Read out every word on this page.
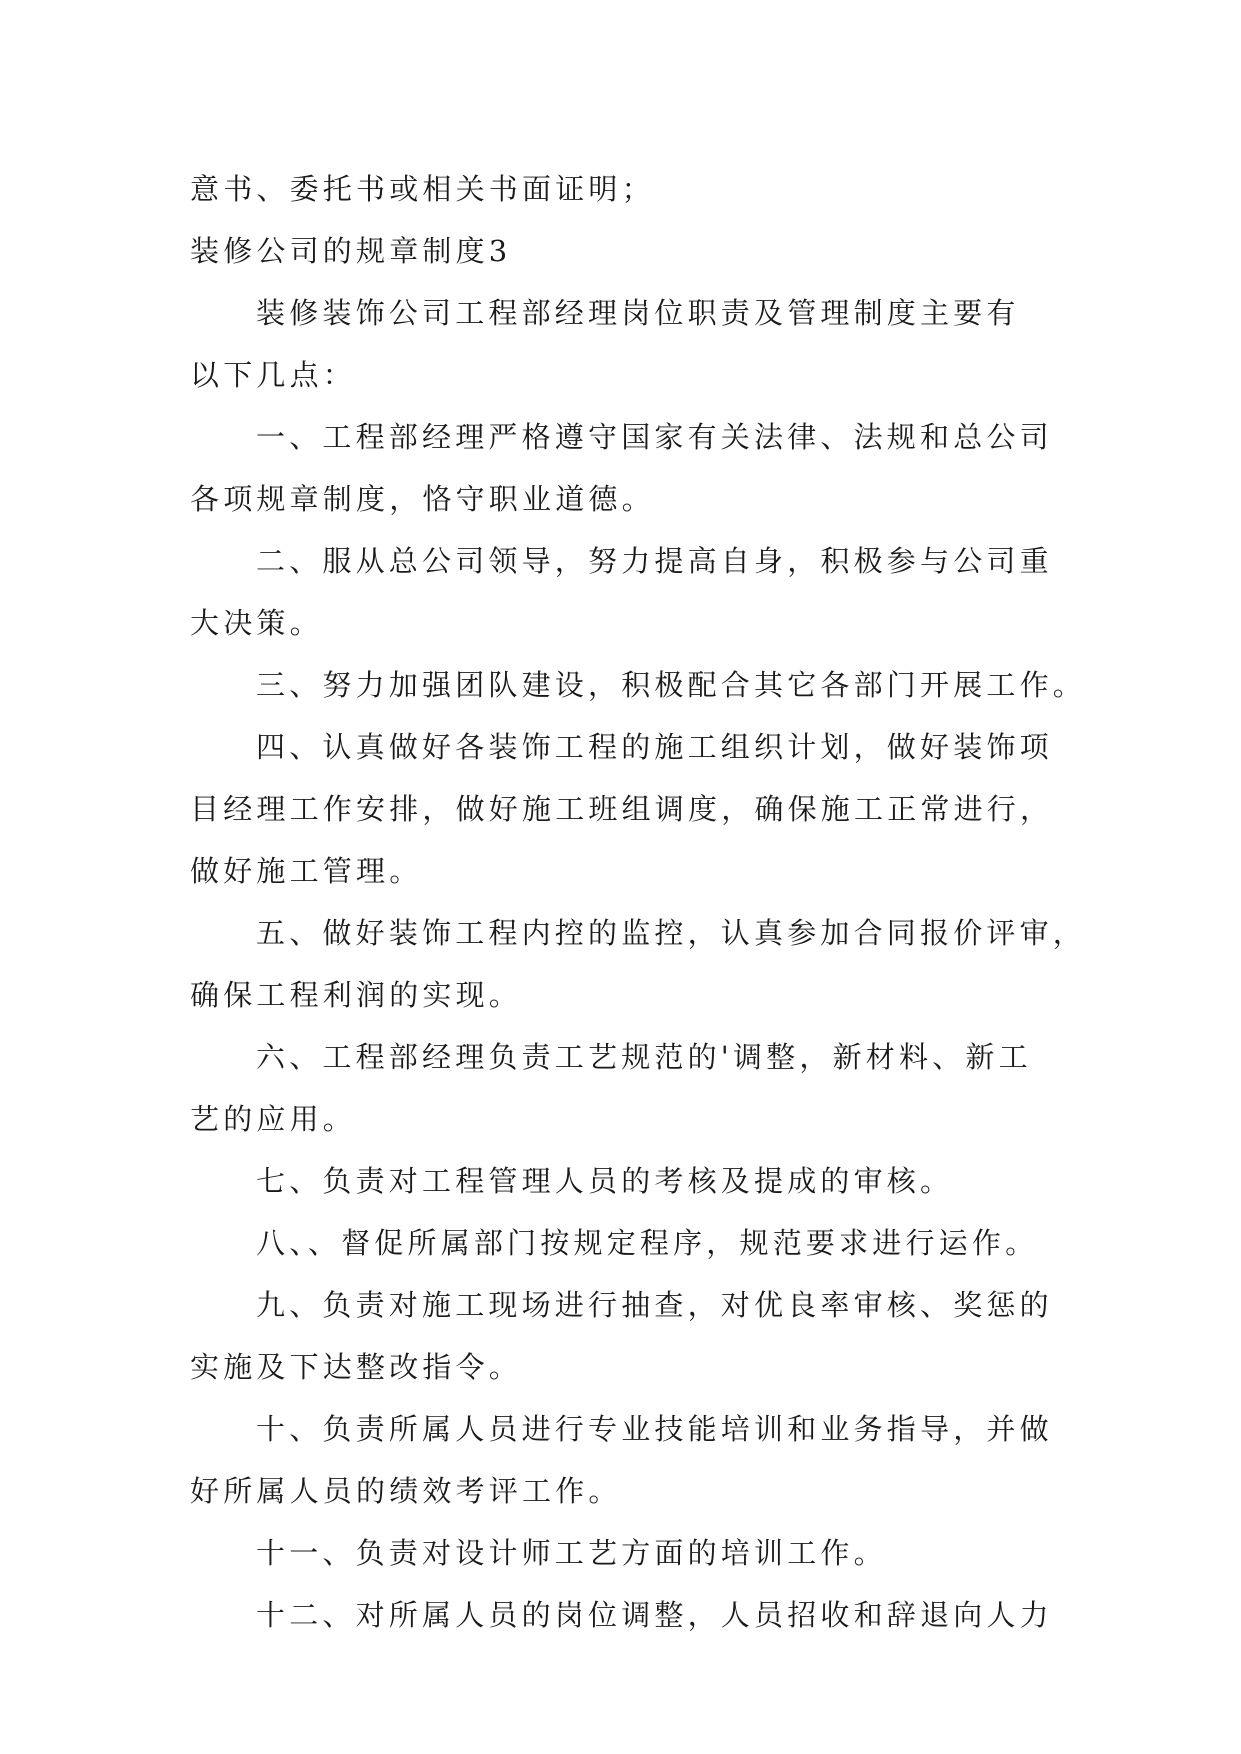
意书、委托书或相关书面证明；
装修公司的规章制度3
装修装饰公司工程部经理岗位职责及管理制度主要有
以下几点：
一、工程部经理严格遵守国家有关法律、法规和总公司
各项规章制度，恪守职业道德。
二、服从总公司领导，努力提高自身，积极参与公司重
大决策。
三、努力加强团队建设，积极配合其它各部门开展工作。
四、认真做好各装饰工程的施工组织计划，做好装饰项
目经理工作安排，做好施工班组调度，确保施工正常进行，
做好施工管理。
五、做好装饰工程内控的监控，认真参加合同报价评审，
确保工程利润的实现。
六、工程部经理负责工艺规范的'调整，新材料、新工
艺的应用。
七、负责对工程管理人员的考核及提成的审核。
八、、督促所属部门按规定程序，规范要求进行运作。
九、负责对施工现场进行抽查，对优良率审核、奖惩的
实施及下达整改指令。
十、负责所属人员进行专业技能培训和业务指导，并做
好所属人员的绩效考评工作。
十一、负责对设计师工艺方面的培训工作。
十二、对所属人员的岗位调整，人员招收和辞退向人力
